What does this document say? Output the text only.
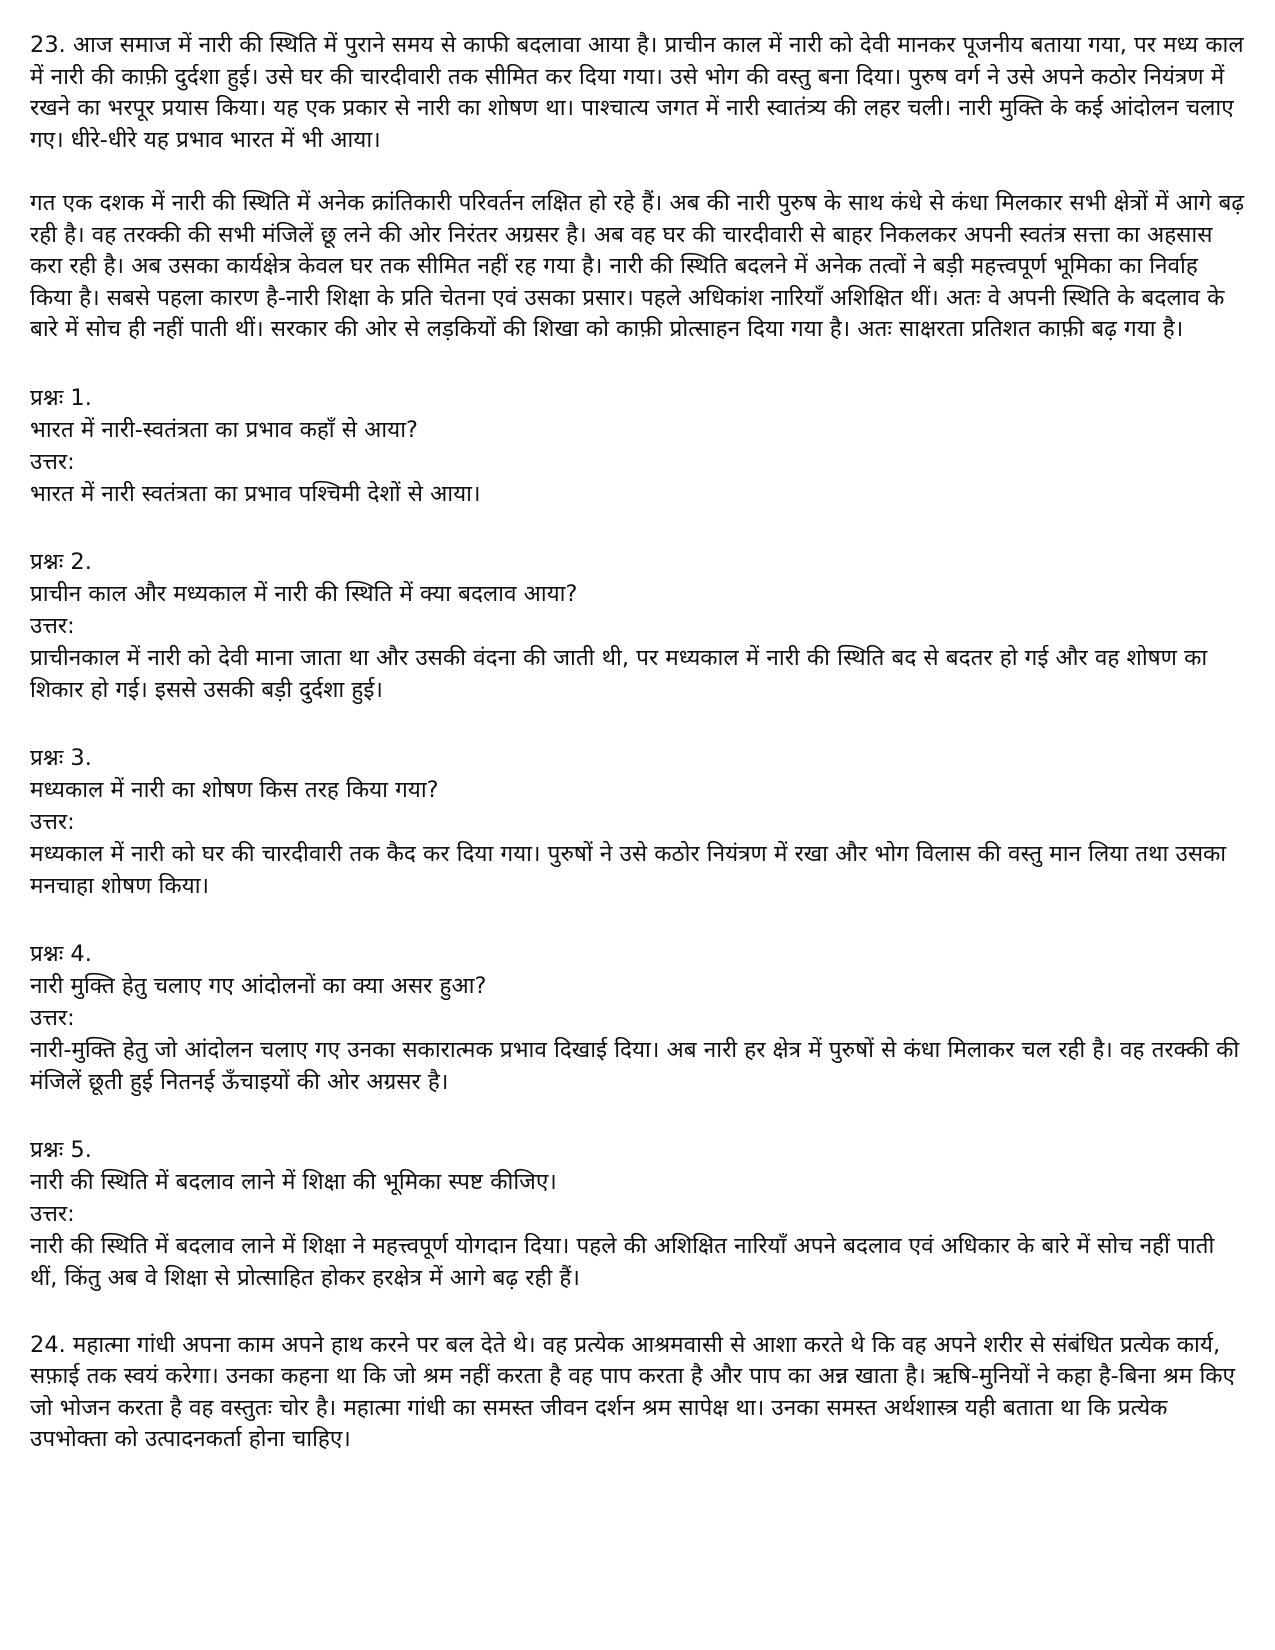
23. आज समाज में नारी की स्थिति में पुराने समय से काफी बदलावा आया है। प्राचीन काल में नारी को देवी मानकर पूजनीय बताया गया, पर मध्य काल में नारी की काफ़ी दुर्दशा हुई। उसे घर की चारदीवारी तक सीमित कर दिया गया। उसे भोग की वस्तु बना दिया। पुरुष वर्ग ने उसे अपने कठोर नियंत्रण में रखने का भरपूर प्रयास किया। यह एक प्रकार से नारी का शोषण था। पाश्चात्य जगत में नारी स्वातंत्र्य की लहर चली। नारी मुक्ति के कई आंदोलन चलाए गए। धीरे-धीरे यह प्रभाव भारत में भी आया।

गत एक दशक में नारी की स्थिति में अनेक क्रांतिकारी परिवर्तन लक्षित हो रहे हैं। अब की नारी पुरुष के साथ कंधे से कंधा मिलकार सभी क्षेत्रों में आगे बढ़ रही है। वह तरक्की की सभी मंजिलें छू लने की ओर निरंतर अग्रसर है। अब वह घर की चारदीवारी से बाहर निकलकर अपनी स्वतंत्र सत्ता का अहसास करा रही है। अब उसका कार्यक्षेत्र केवल घर तक सीमित नहीं रह गया है। नारी की स्थिति बदलने में अनेक तत्वों ने बड़ी महत्त्वपूर्ण भूमिका का निर्वाह किया है। सबसे पहला कारण है-नारी शिक्षा के प्रति चेतना एवं उसका प्रसार। पहले अधिकांश नारियाँ अशिक्षित थीं। अतः वे अपनी स्थिति के बदलाव के बारे में सोच ही नहीं पाती थीं। सरकार की ओर से लड़कियों की शिखा को काफ़ी प्रोत्साहन दिया गया है। अतः साक्षरता प्रतिशत काफ़ी बढ़ गया है।

प्रश्नः 1.

भारत में नारी-स्वतंत्रता का प्रभाव कहाँ से आया?

उत्तर:

भारत में नारी स्वतंत्रता का प्रभाव पश्चिमी देशों से आया।

प्रश्नः 2.

प्राचीन काल और मध्यकाल में नारी की स्थिति में क्या बदलाव आया?

उत्तर:

प्राचीनकाल में नारी को देवी माना जाता था और उसकी वंदना की जाती थी, पर मध्यकाल में नारी की स्थिति बद से बदतर हो गई और वह शोषण का शिकार हो गई। इससे उसकी बड़ी दुर्दशा हुई।

प्रश्नः 3.

मध्यकाल में नारी का शोषण किस तरह किया गया?

उत्तर:

मध्यकाल में नारी को घर की चारदीवारी तक कैद कर दिया गया। पुरुषों ने उसे कठोर नियंत्रण में रखा और भोग विलास की वस्तु मान लिया तथा उसका मनचाहा शोषण किया।

प्रश्नः 4.

नारी मुक्ति हेतु चलाए गए आंदोलनों का क्या असर हुआ?

उत्तर:

नारी-मुक्ति हेतु जो आंदोलन चलाए गए उनका सकारात्मक प्रभाव दिखाई दिया। अब नारी हर क्षेत्र में पुरुषों से कंधा मिलाकर चल रही है। वह तरक्की की मंजिलें छूती हुई नितनई ऊँचाइयों की ओर अग्रसर है।

प्रश्नः 5.

नारी की स्थिति में बदलाव लाने में शिक्षा की भूमिका स्पष्ट कीजिए।

उत्तर:

नारी की स्थिति में बदलाव लाने में शिक्षा ने महत्त्वपूर्ण योगदान दिया। पहले की अशिक्षित नारियाँ अपने बदलाव एवं अधिकार के बारे में सोच नहीं पाती थीं, किंतु अब वे शिक्षा से प्रोत्साहित होकर हरक्षेत्र में आगे बढ़ रही हैं।

24. महात्मा गांधी अपना काम अपने हाथ करने पर बल देते थे। वह प्रत्येक आश्रमवासी से आशा करते थे कि वह अपने शरीर से संबंधित प्रत्येक कार्य, सफ़ाई तक स्वयं करेगा। उनका कहना था कि जो श्रम नहीं करता है वह पाप करता है और पाप का अन्न खाता है। ऋषि-मुनियों ने कहा है-बिना श्रम किए जो भोजन करता है वह वस्तुतः चोर है। महात्मा गांधी का समस्त जीवन दर्शन श्रम सापेक्ष था। उनका समस्त अर्थशास्त्र यही बताता था कि प्रत्येक उपभोक्ता को उत्पादनकर्ता होना चाहिए।
